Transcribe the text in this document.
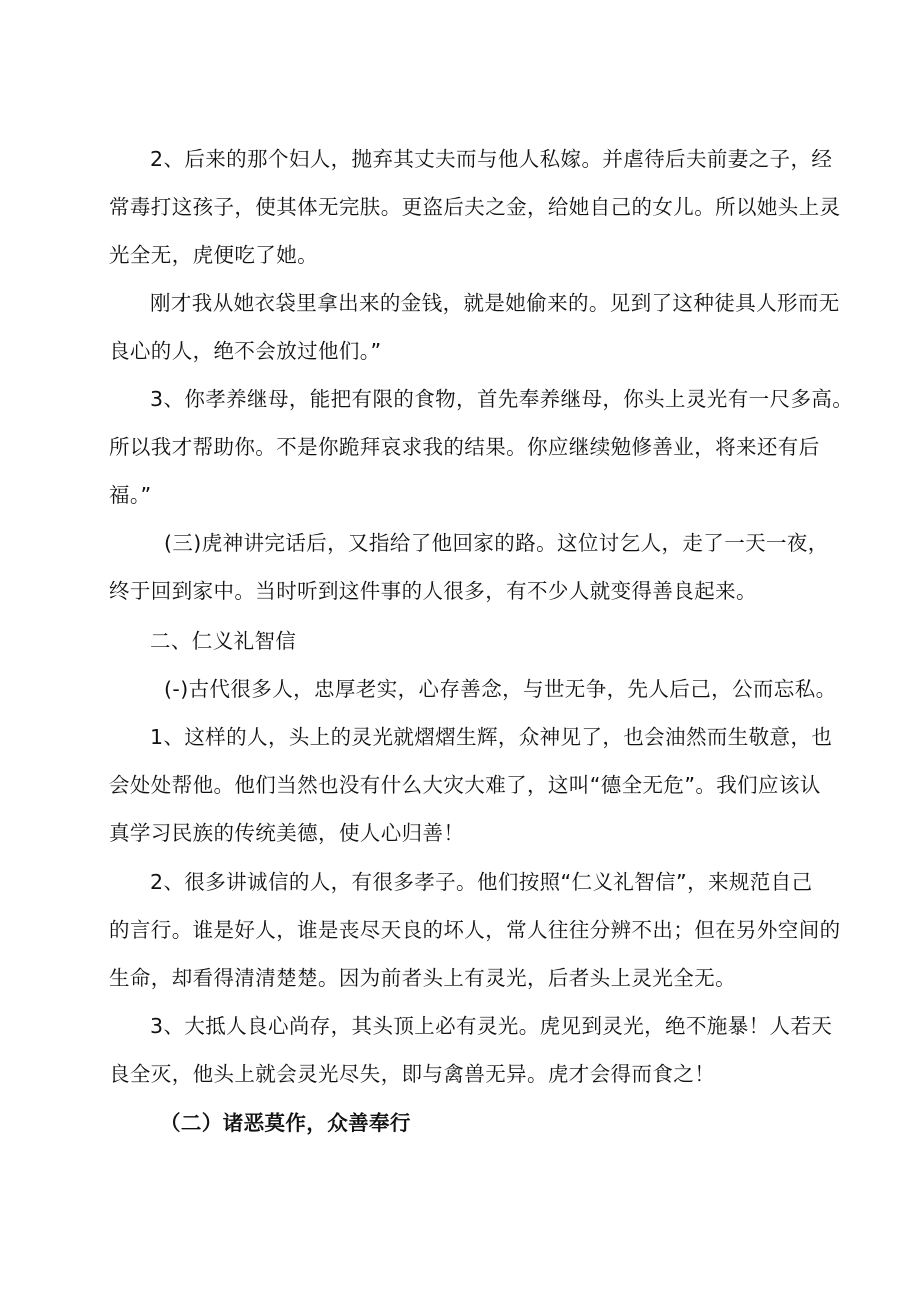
2、后来的那个妇人，抛弃其丈夫而与他人私嫁。并虐待后夫前妻之子，经
常毒打这孩子，使其体无完肤。更盗后夫之金，给她自己的女儿。所以她头上灵
光全无，虎便吃了她。
刚才我从她衣袋里拿出来的金钱，就是她偷来的。见到了这种徒具人形而无
良心的人，绝不会放过他们。”
3、你孝养继母，能把有限的食物，首先奉养继母，你头上灵光有一尺多高。
所以我才帮助你。不是你跪拜哀求我的结果。你应继续勉修善业，将来还有后
福。”
(三)虎神讲完话后，又指给了他回家的路。这位讨乞人，走了一天一夜，
终于回到家中。当时听到这件事的人很多，有不少人就变得善良起来。
二、仁义礼智信
(-)古代很多人，忠厚老实，心存善念，与世无争，先人后己，公而忘私。
1、这样的人，头上的灵光就熠熠生辉，众神见了，也会油然而生敬意，也
会处处帮他。他们当然也没有什么大灾大难了，这叫“德全无危”。我们应该认
真学习民族的传统美德，使人心归善！
2、很多讲诚信的人，有很多孝子。他们按照“仁义礼智信”，来规范自己
的言行。谁是好人，谁是丧尽天良的坏人，常人往往分辨不出；但在另外空间的
生命，却看得清清楚楚。因为前者头上有灵光，后者头上灵光全无。
3、大抵人良心尚存，其头顶上必有灵光。虎见到灵光，绝不施暴！人若天
良全灭，他头上就会灵光尽失，即与禽兽无异。虎才会得而食之！
（二）诸恶莫作，众善奉行
